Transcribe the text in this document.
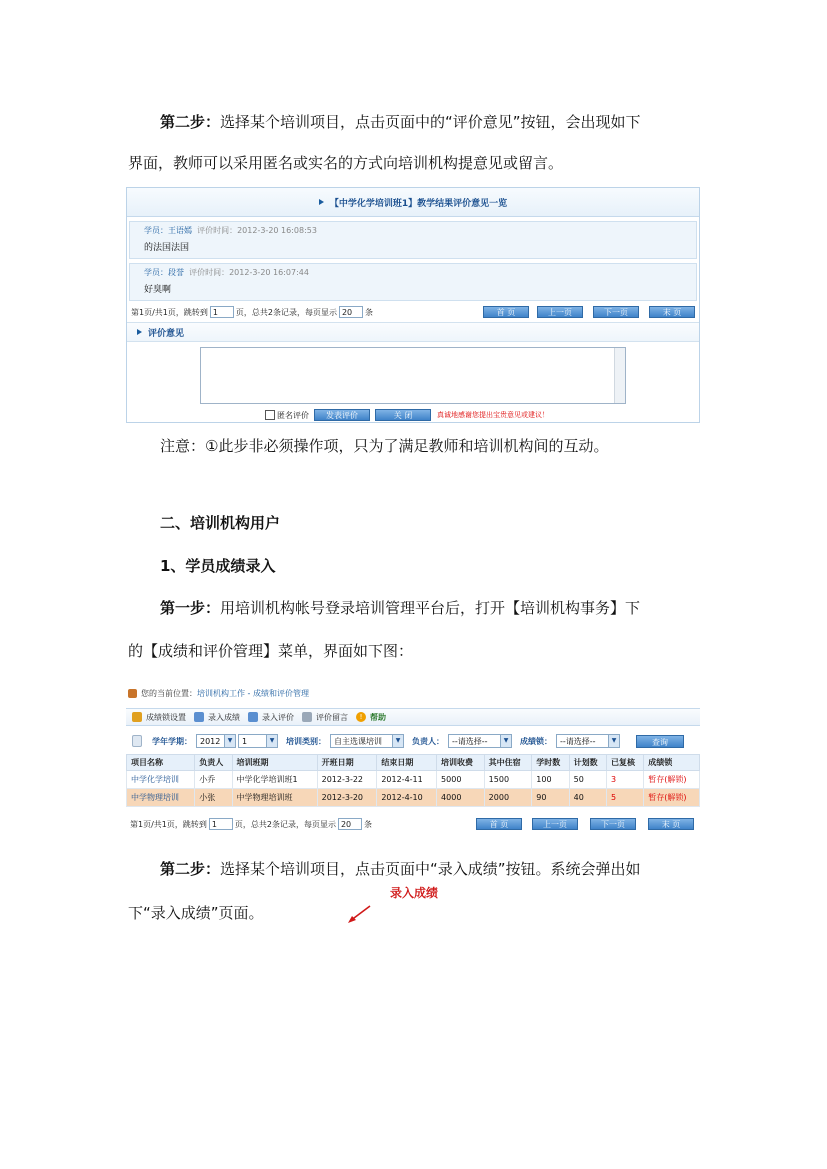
第二步：选择某个培训项目，点击页面中的“评价意见”按钮，会出现如下
界面，教师可以采用匿名或实名的方式向培训机构提意见或留言。
【中学化学培训班1】教学结果评价意见一览
学员：王语嫣 评价时间：2012-3-20 16:08:53
的法国法国
学员：段誉 评价时间：2012-3-20 16:07:44
好臭啊
第1页/共1页，跳转到 1	页，总共2条记录，每页显示 20	条	首 页	上一页	下一页	末 页
评价意见
匿名评价	发表评价	关 闭	真诚地感谢您提出宝贵意见或建议！
注意：①此步非必须操作项，只为了满足教师和培训机构间的互动。
二、培训机构用户
1、学员成绩录入
第一步：用培训机构帐号登录培训管理平台后，打开【培训机构事务】下
的【成绩和评价管理】菜单，界面如下图：
您的当前位置： 培训机构工作 - 成绩和评价管理
成绩锁设置	录入成绩	录入评价	评价留言	! 帮助
学年学期： 2012	▼	1	▼	培训类别： 自主选课培训	▼	负责人： --请选择--	▼	成绩锁： --请选择--	▼	查询
项目名称	负责人	培训班期	开班日期	结束日期	培训收费	其中住宿	学时数	计划数	已复核	成绩锁
中学化学培训	小乔	中学化学培训班1	2012-3-22	2012-4-11	5000	1500	100	50	3	暂存(解锁)
中学物理培训	小张	中学物理培训班	2012-3-20	2012-4-10	4000	2000	90	40	5	暂存(解锁)
第1页/共1页，跳转到 1	页，总共2条记录，每页显示 20	条	首 页	上一页	下一页	末 页
第二步：选择某个培训项目，点击页面中“录入成绩”按钮。系统会弹出如
下“录入成绩”页面。
录入成绩
